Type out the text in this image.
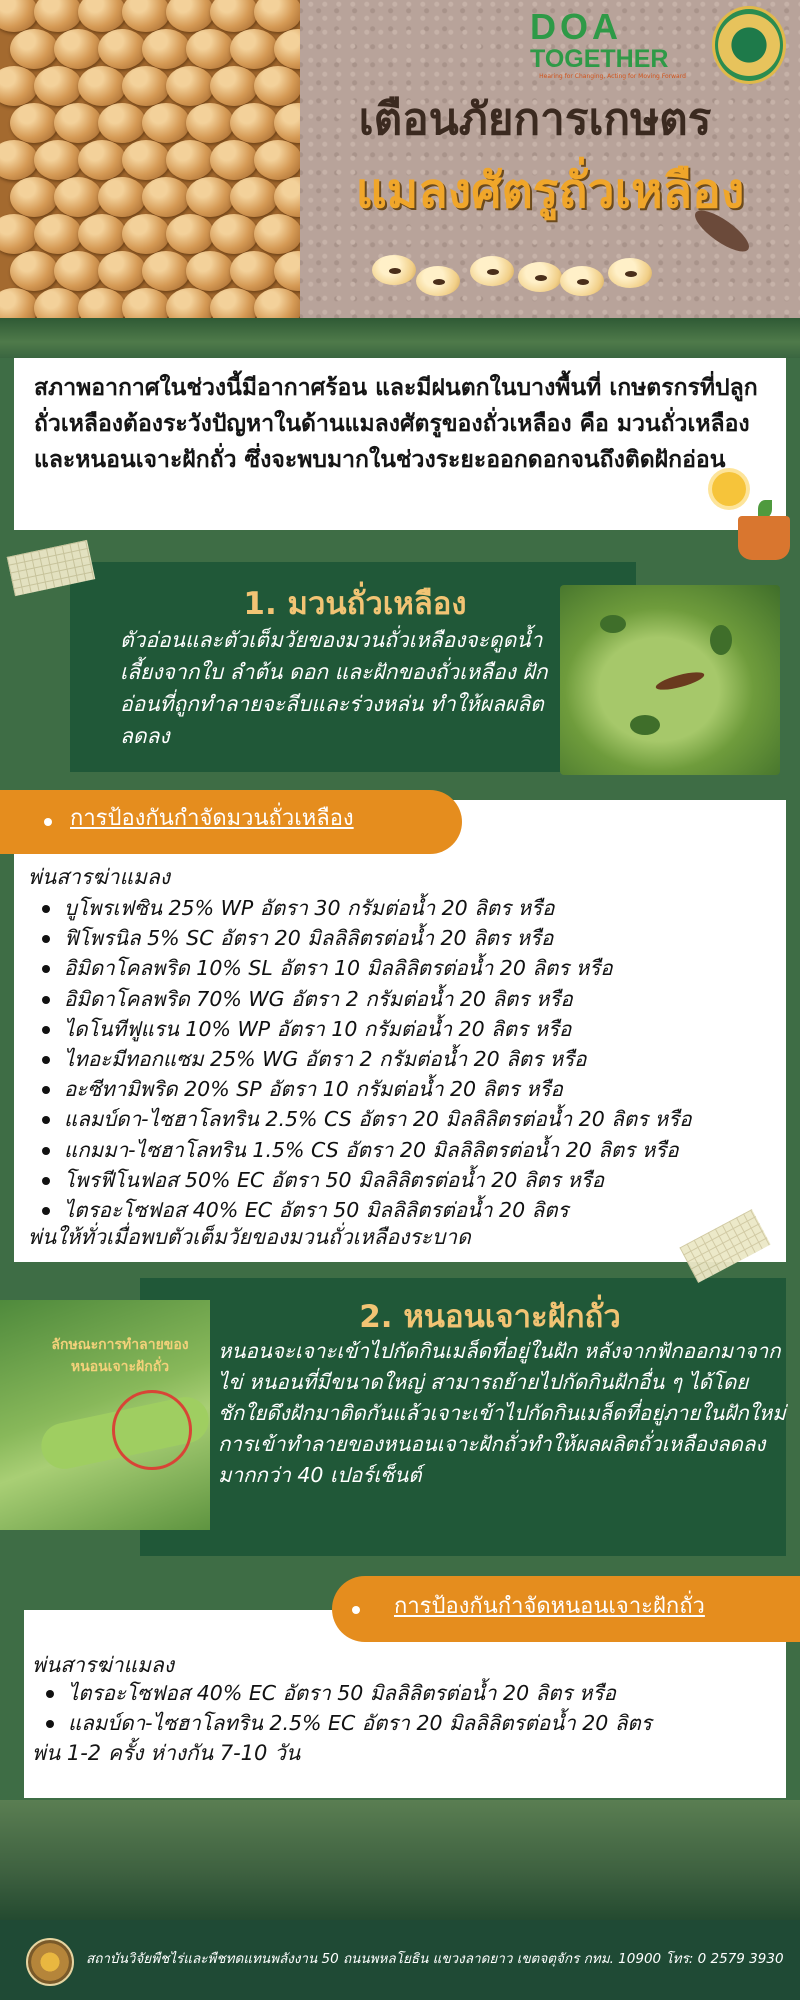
DOA
TOGETHER
Hearing for Changing, Acting for Moving Forward
เตือนภัยการเกษตร
แมลงศัตรูถั่วเหลือง

สภาพอากาศในช่วงนี้มีอากาศร้อน และมีฝนตกในบางพื้นที่ เกษตรกรที่ปลูกถั่วเหลืองต้องระวังปัญหาในด้านแมลงศัตรูของถั่วเหลือง คือ มวนถั่วเหลือง และหนอนเจาะฝักถั่ว ซึ่งจะพบมากในช่วงระยะออกดอกจนถึงติดฝักอ่อน

1. มวนถั่วเหลือง
ตัวอ่อนและตัวเต็มวัยของมวนถั่วเหลืองจะดูดน้ำเลี้ยงจากใบ ลำต้น ดอก และฝักของถั่วเหลือง ฝักอ่อนที่ถูกทำลายจะลีบและร่วงหล่น ทำให้ผลผลิตลดลง
การป้องกันกำจัดมวนถั่วเหลือง
พ่นสารฆ่าแมลง
บูโพรเฟซิน 25% WP อัตรา 30 กรัมต่อน้ำ 20 ลิตร หรือ
ฟิโพรนิล 5% SC อัตรา 20 มิลลิลิตรต่อน้ำ 20 ลิตร หรือ
อิมิดาโคลพริด 10% SL อัตรา 10 มิลลิลิตรต่อน้ำ 20 ลิตร หรือ
อิมิดาโคลพริด 70% WG อัตรา 2 กรัมต่อน้ำ 20 ลิตร หรือ
ไดโนทีฟูแรน 10% WP อัตรา 10 กรัมต่อน้ำ 20 ลิตร หรือ
ไทอะมีทอกแซม 25% WG อัตรา 2 กรัมต่อน้ำ 20 ลิตร หรือ
อะซีทามิพริด 20% SP อัตรา 10 กรัมต่อน้ำ 20 ลิตร หรือ
แลมบ์ดา-ไซฮาโลทริน 2.5% CS อัตรา 20 มิลลิลิตรต่อน้ำ 20 ลิตร หรือ
แกมมา-ไซฮาโลทริน 1.5% CS อัตรา 20 มิลลิลิตรต่อน้ำ 20 ลิตร หรือ
โพรฟีโนฟอส 50% EC อัตรา 50 มิลลิลิตรต่อน้ำ 20 ลิตร หรือ
ไตรอะโซฟอส 40% EC อัตรา 50 มิลลิลิตรต่อน้ำ 20 ลิตร
พ่นให้ทั่วเมื่อพบตัวเต็มวัยของมวนถั่วเหลืองระบาด
ลักษณะการทำลายของหนอนเจาะฝักถั่ว
2. หนอนเจาะฝักถั่ว
หนอนจะเจาะเข้าไปกัดกินเมล็ดที่อยู่ในฝัก หลังจากฟักออกมาจากไข่ หนอนที่มีขนาดใหญ่ สามารถย้ายไปกัดกินฝักอื่น ๆ ได้โดยชักใยดึงฝักมาติดกันแล้วเจาะเข้าไปกัดกินเมล็ดที่อยู่ภายในฝักใหม่ การเข้าทำลายของหนอนเจาะฝักถั่วทำให้ผลผลิตถั่วเหลืองลดลงมากกว่า 40 เปอร์เซ็นต์
การป้องกันกำจัดหนอนเจาะฝักถั่ว
พ่นสารฆ่าแมลง
ไตรอะโซฟอส 40% EC อัตรา 50 มิลลิลิตรต่อน้ำ 20 ลิตร หรือ
แลมบ์ดา-ไซฮาโลทริน 2.5% EC อัตรา 20 มิลลิลิตรต่อน้ำ 20 ลิตร
พ่น 1-2 ครั้ง ห่างกัน 7-10 วัน
สถาบันวิจัยพืชไร่และพืชทดแทนพลังงาน 50 ถนนพหลโยธิน แขวงลาดยาว เขตจตุจักร กทม. 10900 โทร: 0 2579 3930
